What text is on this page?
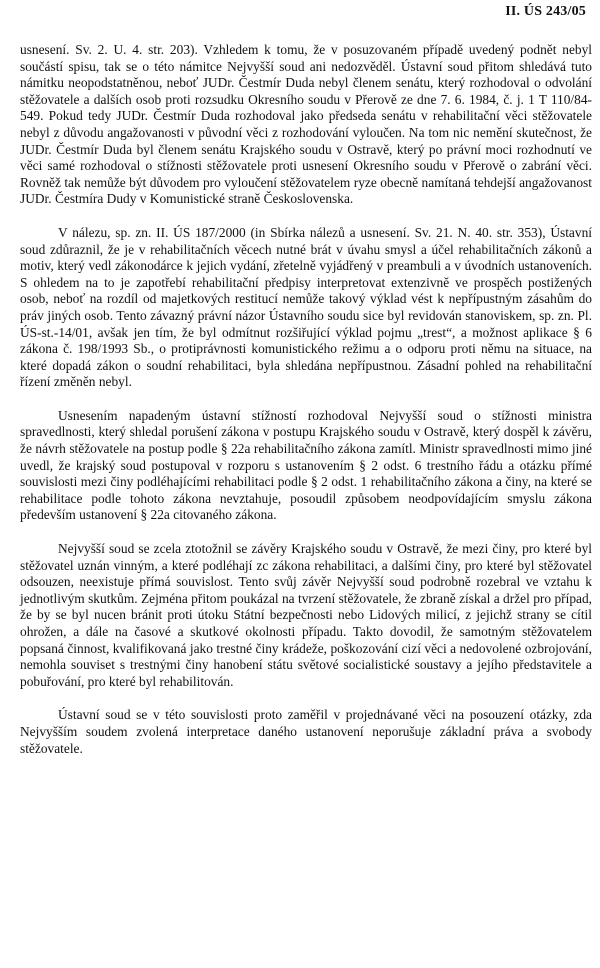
II. ÚS 243/05

usnesení. Sv. 2. U. 4. str. 203). Vzhledem k tomu, že v posuzovaném případě uvedený podnět nebyl součástí spisu, tak se o této námitce Nejvyšší soud ani nedozvěděl. Ústavní soud přitom shledává tuto námitku neopodstatněnou, neboť JUDr. Čestmír Duda nebyl členem senátu, který rozhodoval o odvolání stěžovatele a dalších osob proti rozsudku Okresního soudu v Přerově ze dne 7. 6. 1984, č. j. 1 T 110/84-549. Pokud tedy JUDr. Čestmír Duda rozhodoval jako předseda senátu v rehabilitační věci stěžovatele nebyl z důvodu angažovanosti v původní věci z rozhodování vyloučen. Na tom nic nemění skutečnost, že JUDr. Čestmír Duda byl členem senátu Krajského soudu v Ostravě, který po právní moci rozhodnutí ve věci samé rozhodoval o stížnosti stěžovatele proti usnesení Okresního soudu v Přerově o zabrání věci. Rovněž tak nemůže být důvodem pro vyloučení stěžovatelem ryze obecně namítaná tehdejší angažovanost JUDr. Čestmíra Dudy v Komunistické straně Československa.

V nálezu, sp. zn. II. ÚS 187/2000 (in Sbírka nálezů a usnesení. Sv. 21. N. 40. str. 353), Ústavní soud zdůraznil, že je v rehabilitačních věcech nutné brát v úvahu smysl a účel rehabilitačních zákonů a motiv, který vedl zákonodárce k jejich vydání, zřetelně vyjádřený v preambuli a v úvodních ustanoveních. S ohledem na to je zapotřebí rehabilitační předpisy interpretovat extenzivně ve prospěch postižených osob, neboť na rozdíl od majetkových restitucí nemůže takový výklad vést k nepřípustným zásahům do práv jiných osob. Tento závazný právní názor Ústavního soudu sice byl revidován stanoviskem, sp. zn. Pl. ÚS-st.-14/01, avšak jen tím, že byl odmítnut rozšiřující výklad pojmu „trest“, a možnost aplikace § 6 zákona č. 198/1993 Sb., o protiprávnosti komunistického režimu a o odporu proti němu na situace, na které dopadá zákon o soudní rehabilitaci, byla shledána nepřípustnou. Zásadní pohled na rehabilitační řízení změněn nebyl.

Usnesením napadeným ústavní stížností rozhodoval Nejvyšší soud o stížnosti ministra spravedlnosti, který shledal porušení zákona v postupu Krajského soudu v Ostravě, který dospěl k závěru, že návrh stěžovatele na postup podle § 22a rehabilitačního zákona zamítl. Ministr spravedlnosti mimo jiné uvedl, že krajský soud postupoval v rozporu s ustanovením § 2 odst. 6 trestního řádu a otázku přímé souvislosti mezi činy podléhajícími rehabilitaci podle § 2 odst. 1 rehabilitačního zákona a činy, na které se rehabilitace podle tohoto zákona nevztahuje, posoudil způsobem neodpovídajícím smyslu zákona především ustanovení § 22a citovaného zákona.

Nejvyšší soud se zcela ztotožnil se závěry Krajského soudu v Ostravě, že mezi činy, pro které byl stěžovatel uznán vinným, a které podléhají zc zákona rehabilitaci, a dalšími činy, pro které byl stěžovatel odsouzen, neexistuje přímá souvislost. Tento svůj závěr Nejvyšší soud podrobně rozebral ve vztahu k jednotlivým skutkům. Zejména přitom poukázal na tvrzení stěžovatele, že zbraně získal a držel pro případ, že by se byl nucen bránit proti útoku Státní bezpečnosti nebo Lidových milicí, z jejichž strany se cítil ohrožen, a dále na časové a skutkové okolnosti případu. Takto dovodil, že samotným stěžovatelem popsaná činnost, kvalifikovaná jako trestné činy krádeže, poškozování cizí věci a nedovolené ozbrojování, nemohla souviset s trestnými činy hanobení státu světové socialistické soustavy a jejího představitele a pobuřování, pro které byl rehabilitován.

Ústavní soud se v této souvislosti proto zaměřil v projednávané věci na posouzení otázky, zda Nejvyšším soudem zvolená interpretace daného ustanovení neporušuje základní práva a svobody stěžovatele.
